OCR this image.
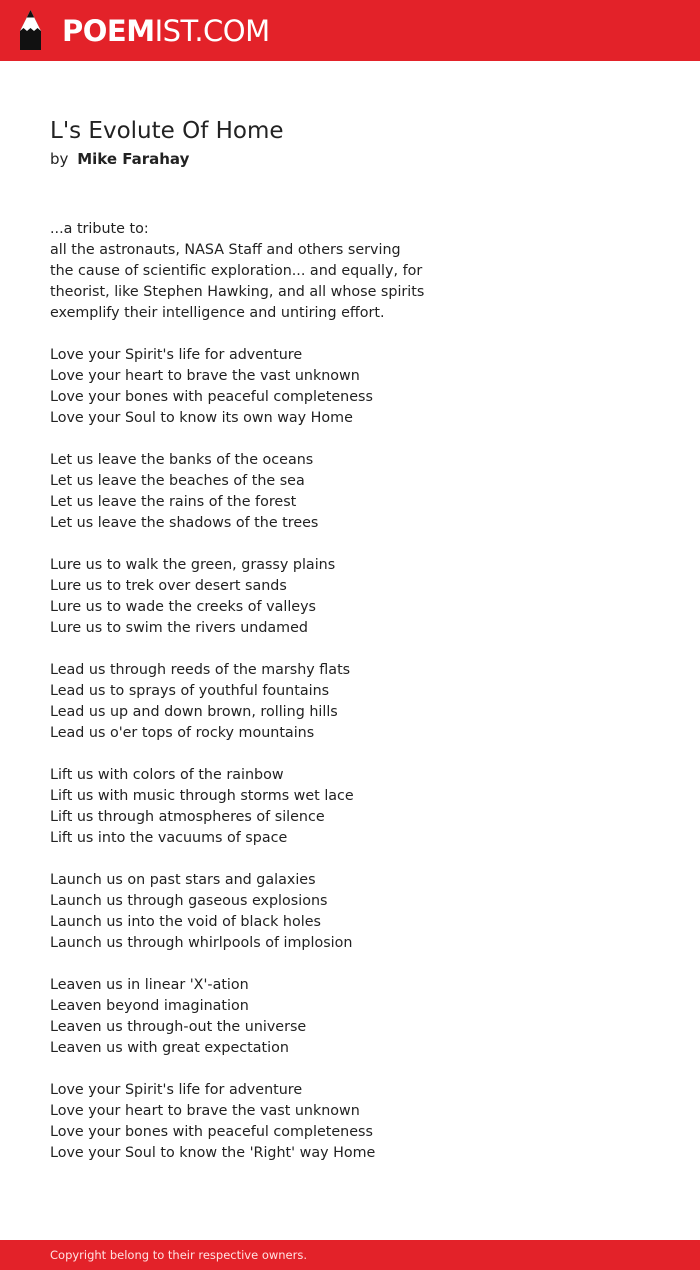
POEMIST.COM
L's Evolute Of Home
by Mike Farahay
...a tribute to:
all the astronauts, NASA Staff and others serving
the cause of scientific exploration... and equally, for
theorist, like Stephen Hawking, and all whose spirits
exemplify their intelligence and untiring effort.
Love your Spirit's life for adventure
Love your heart to brave the vast unknown
Love your bones with peaceful completeness
Love your Soul to know its own way Home
Let us leave the banks of the oceans
Let us leave the beaches of the sea
Let us leave the rains of the forest
Let us leave the shadows of the trees
Lure us to walk the green, grassy plains
Lure us to trek over desert sands
Lure us to wade the creeks of valleys
Lure us to swim the rivers undamed
Lead us through reeds of the marshy flats
Lead us to sprays of youthful fountains
Lead us up and down brown, rolling hills
Lead us o'er tops of rocky mountains
Lift us with colors of the rainbow
Lift us with music through storms wet lace
Lift us through atmospheres of silence
Lift us into the vacuums of space
Launch us on past stars and galaxies
Launch us through gaseous explosions
Launch us into the void of black holes
Launch us through whirlpools of implosion
Leaven us in linear 'X'-ation
Leaven beyond imagination
Leaven us through-out the universe
Leaven us with great expectation
Love your Spirit's life for adventure
Love your heart to brave the vast unknown
Love your bones with peaceful completeness
Love your Soul to know the 'Right' way Home
Copyright belong to their respective owners.
